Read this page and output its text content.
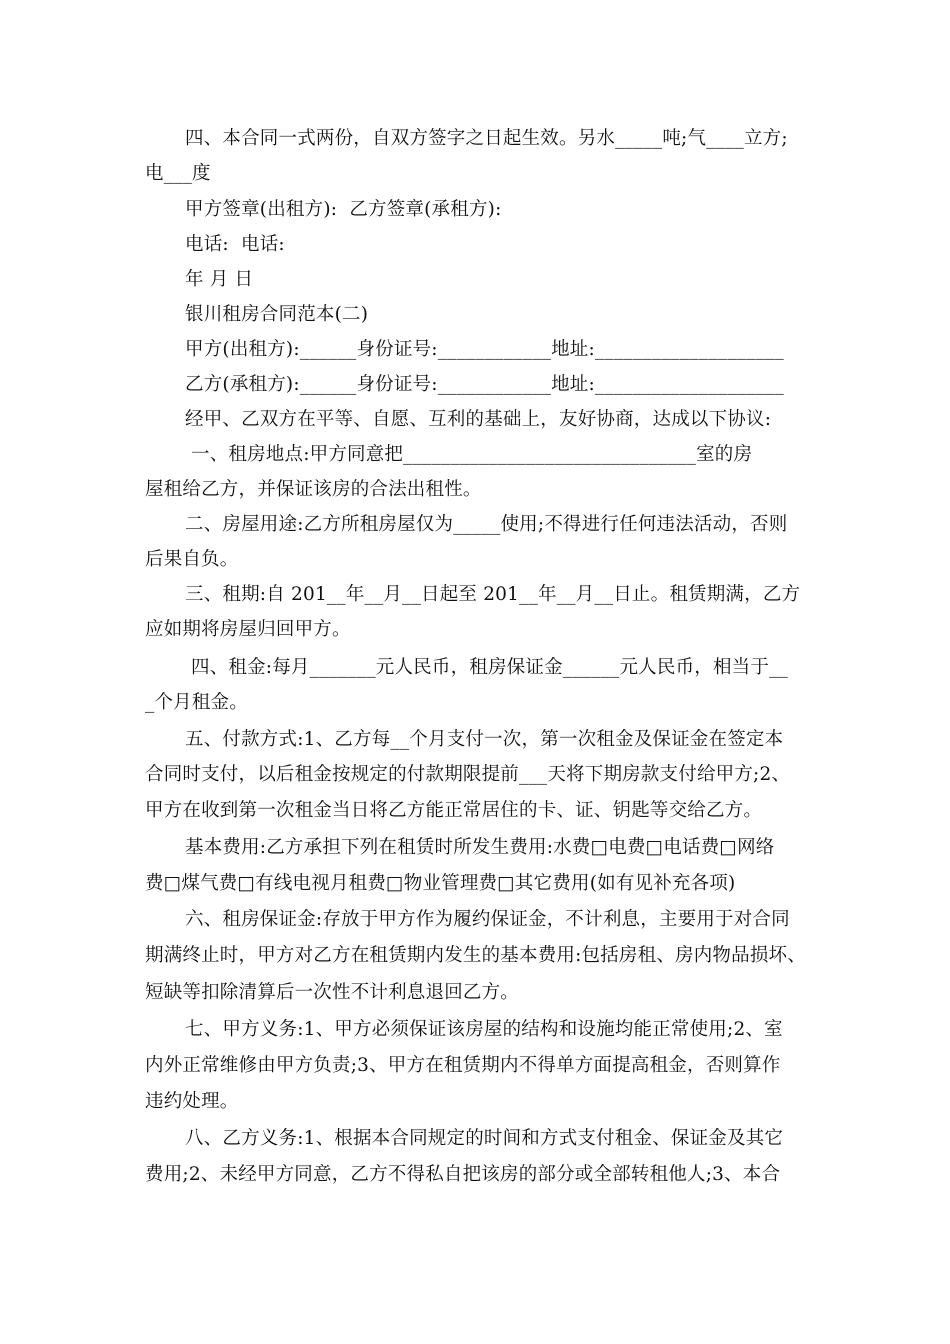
四、本合同一式两份，自双方签字之日起生效。另水_____吨;气____立方;
电___度
甲方签章(出租方):  乙方签章(承租方):
电话:  电话:
年 月 日
银川租房合同范本(二)
甲方(出租方):______身份证号:____________地址:____________________
乙方(承租方):______身份证号:____________地址:____________________
经甲、乙双方在平等、自愿、互利的基础上，友好协商，达成以下协议:
一、租房地点:甲方同意把_______________________________室的房
屋租给乙方，并保证该房的合法出租性。
二、房屋用途:乙方所租房屋仅为_____使用;不得进行任何违法活动，否则
后果自负。
三、租期:自 201__年__月__日起至 201__年__月__日止。租赁期满，乙方
应如期将房屋归回甲方。
四、租金:每月_______元人民币，租房保证金______元人民币，相当于__
_个月租金。
五、付款方式:1、乙方每__个月支付一次，第一次租金及保证金在签定本
合同时支付，以后租金按规定的付款期限提前___天将下期房款支付给甲方;2、
甲方在收到第一次租金当日将乙方能正常居住的卡、证、钥匙等交给乙方。
基本费用:乙方承担下列在租赁时所发生费用:水费□电费□电话费□网络
费□煤气费□有线电视月租费□物业管理费□其它费用(如有见补充各项)
六、租房保证金:存放于甲方作为履约保证金，不计利息，主要用于对合同
期满终止时，甲方对乙方在租赁期内发生的基本费用:包括房租、房内物品损坏、
短缺等扣除清算后一次性不计利息退回乙方。
七、甲方义务:1、甲方必须保证该房屋的结构和设施均能正常使用;2、室
内外正常维修由甲方负责;3、甲方在租赁期内不得单方面提高租金，否则算作
违约处理。
八、乙方义务:1、根据本合同规定的时间和方式支付租金、保证金及其它
费用;2、未经甲方同意，乙方不得私自把该房的部分或全部转租他人;3、本合
